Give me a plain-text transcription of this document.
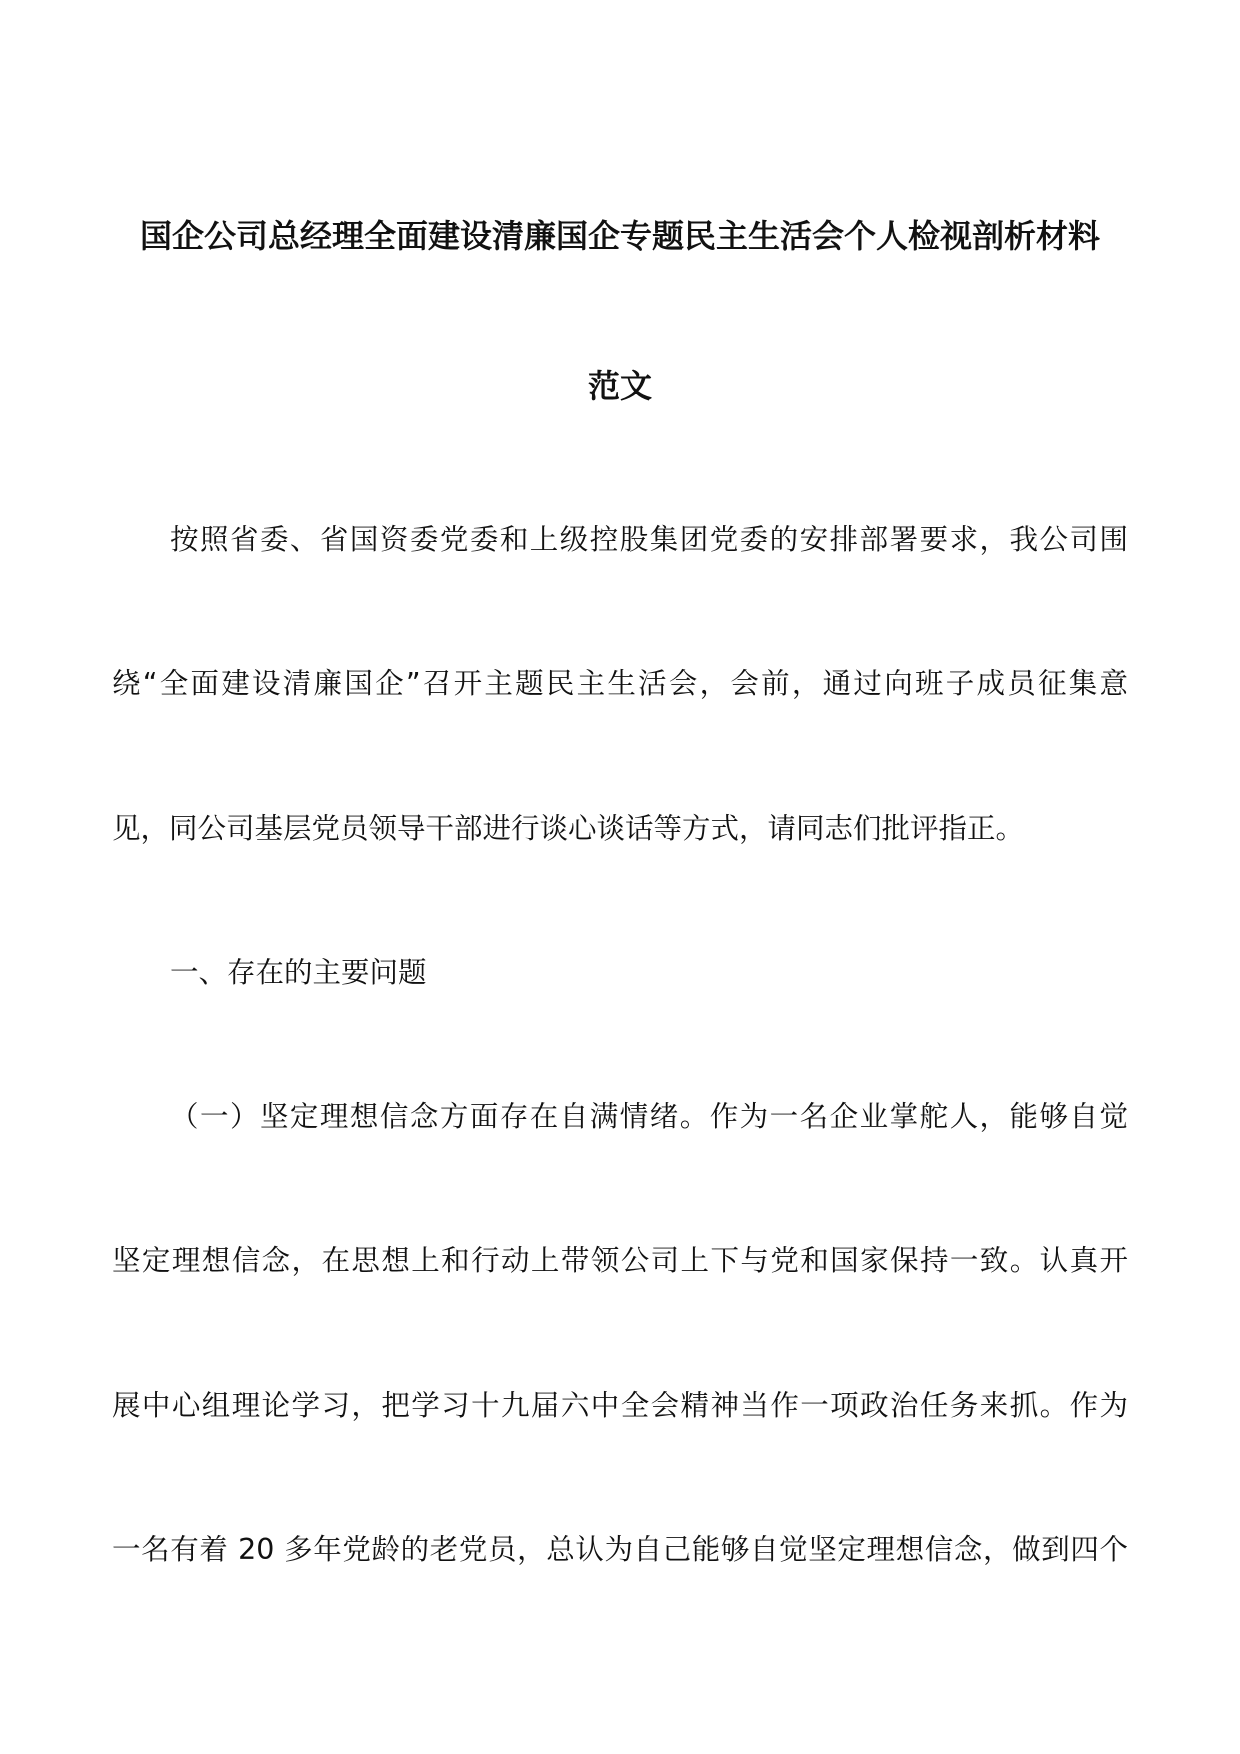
国企公司总经理全面建设清廉国企专题民主生活会个人检视剖析材料
范文
按照省委、省国资委党委和上级控股集团党委的安排部署要求，我公司围
绕“全面建设清廉国企”召开主题民主生活会，会前，通过向班子成员征集意
见，同公司基层党员领导干部进行谈心谈话等方式，请同志们批评指正。
一、存在的主要问题
（一）坚定理想信念方面存在自满情绪。作为一名企业掌舵人，能够自觉
坚定理想信念，在思想上和行动上带领公司上下与党和国家保持一致。认真开
展中心组理论学习，把学习十九届六中全会精神当作一项政治任务来抓。作为
一名有着 20 多年党龄的老党员，总认为自己能够自觉坚定理想信念，做到四个
